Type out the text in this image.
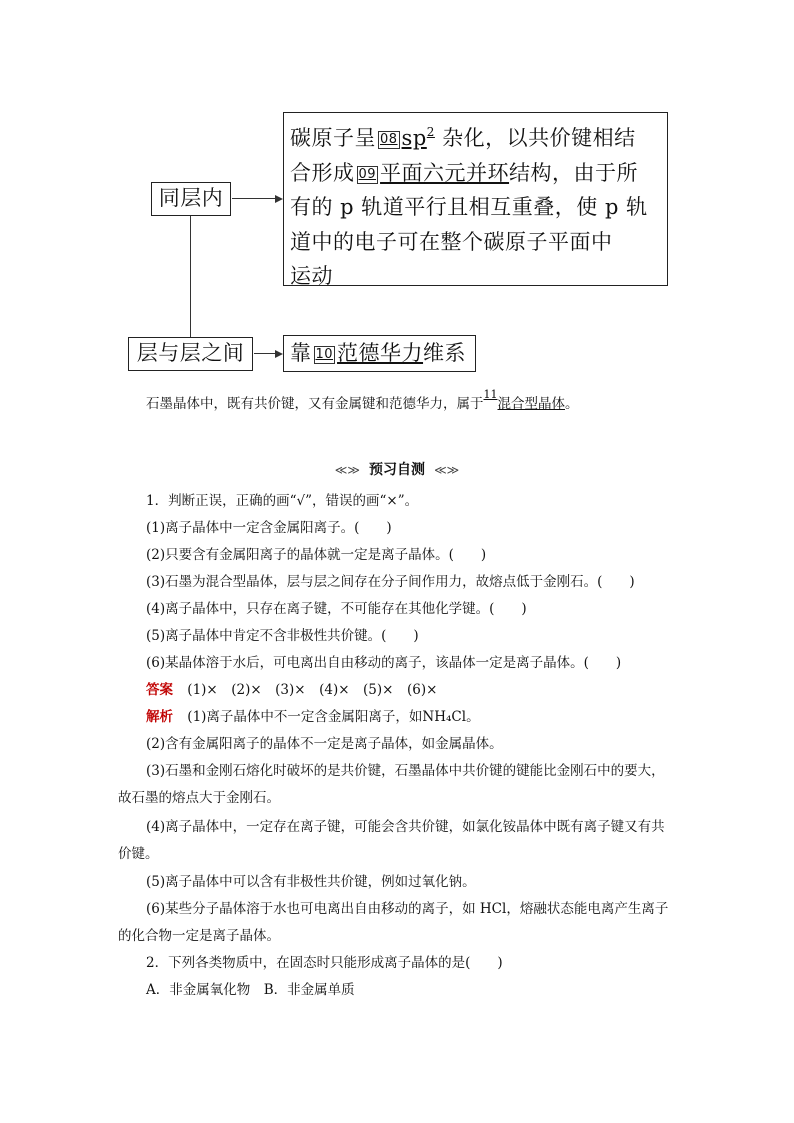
同层内
碳原子呈 08 $sp^2$ 杂化，以共价键相结
合形成 09 平面六元并环结构，由于所
有的 p 轨道平行且相互重叠，使 p 轨
道中的电子可在整个碳原子平面中
运动
层与层之间	靠 10 范德华力维系
石墨晶体中，既有共价键，又有金属键和范德华力，属于
11
混合型晶体。
≪≫ 预习自测 ≪≫
1．判断正误，正确的画“√”，错误的画“×”。
(1)离子晶体中一定含金属阳离子。(　　)
(2)只要含有金属阳离子的晶体就一定是离子晶体。(　　)
(3)石墨为混合型晶体，层与层之间存在分子间作用力，故熔点低于金刚石。(　　)
(4)离子晶体中，只存在离子键，不可能存在其他化学键。(　　)
(5)离子晶体中肯定不含非极性共价键。(　　)
(6)某晶体溶于水后，可电离出自由移动的离子，该晶体一定是离子晶体。(　　)
答案 (1)×　(2)×　(3)×　(4)×　(5)×　(6)×
解析 (1)离子晶体中不一定含金属阳离子，如NH₄Cl。
(2)含有金属阳离子的晶体不一定是离子晶体，如金属晶体。
(3)石墨和金刚石熔化时破坏的是共价键，石墨晶体中共价键的键能比金刚石中的要大，
故石墨的熔点大于金刚石。
(4)离子晶体中，一定存在离子键，可能会含共价键，如氯化铵晶体中既有离子键又有共
价键。
(5)离子晶体中可以含有非极性共价键，例如过氧化钠。
(6)某些分子晶体溶于水也可电离出自由移动的离子，如 HCl，熔融状态能电离产生离子
的化合物一定是离子晶体。
2．下列各类物质中，在固态时只能形成离子晶体的是(　　)
A．非金属氧化物　B．非金属单质
